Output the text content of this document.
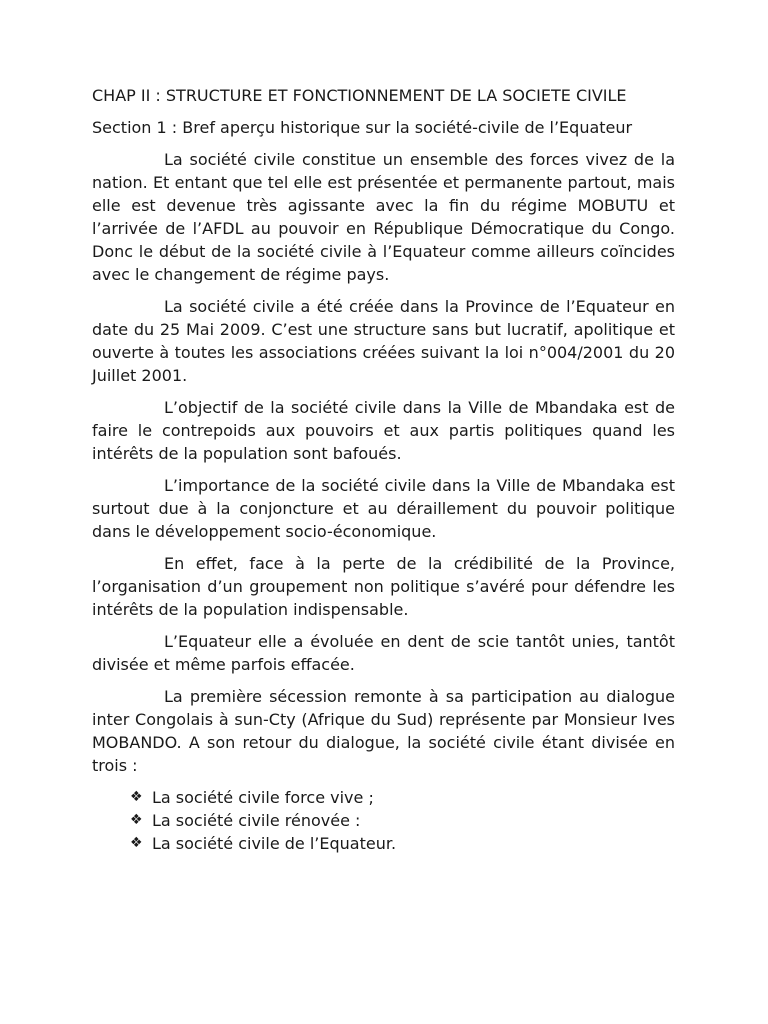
CHAP II : STRUCTURE ET FONCTIONNEMENT DE LA SOCIETE CIVILE
Section 1 : Bref aperçu historique sur la société-civile de l’Equateur

La société civile constitue un ensemble des forces vivez de la nation. Et entant que tel elle est présentée et permanente partout, mais elle est devenue très agissante avec la fin du régime MOBUTU et l’arrivée de l’AFDL au pouvoir en République Démocratique du Congo. Donc le début de la société civile à l’Equateur comme ailleurs coïncides avec le changement de régime pays.

La société civile a été créée dans la Province de l’Equateur en date du 25 Mai 2009. C’est une structure sans but lucratif, apolitique et ouverte à toutes les associations créées suivant la loi n°004/2001 du 20 Juillet 2001.

L’objectif de la société civile dans la Ville de Mbandaka est de faire le contrepoids aux pouvoirs et aux partis politiques quand les intérêts de la population sont bafoués.

L’importance de la société civile dans la Ville de Mbandaka est surtout due à la conjoncture et au déraillement du pouvoir politique dans le développement socio-économique.

En effet, face à la perte de la crédibilité de la Province, l’organisation d’un groupement non politique s’avéré pour défendre les intérêts de la population indispensable.

L’Equateur elle a évoluée en dent de scie tantôt unies, tantôt divisée et même parfois effacée.

La première sécession remonte à sa participation au dialogue inter Congolais à sun-Cty (Afrique du Sud) représente par Monsieur Ives MOBANDO. A son retour du dialogue, la société civile étant divisée en trois :

❖ La société civile force vive ;
❖ La société civile rénovée :
❖ La société civile de l’Equateur.
